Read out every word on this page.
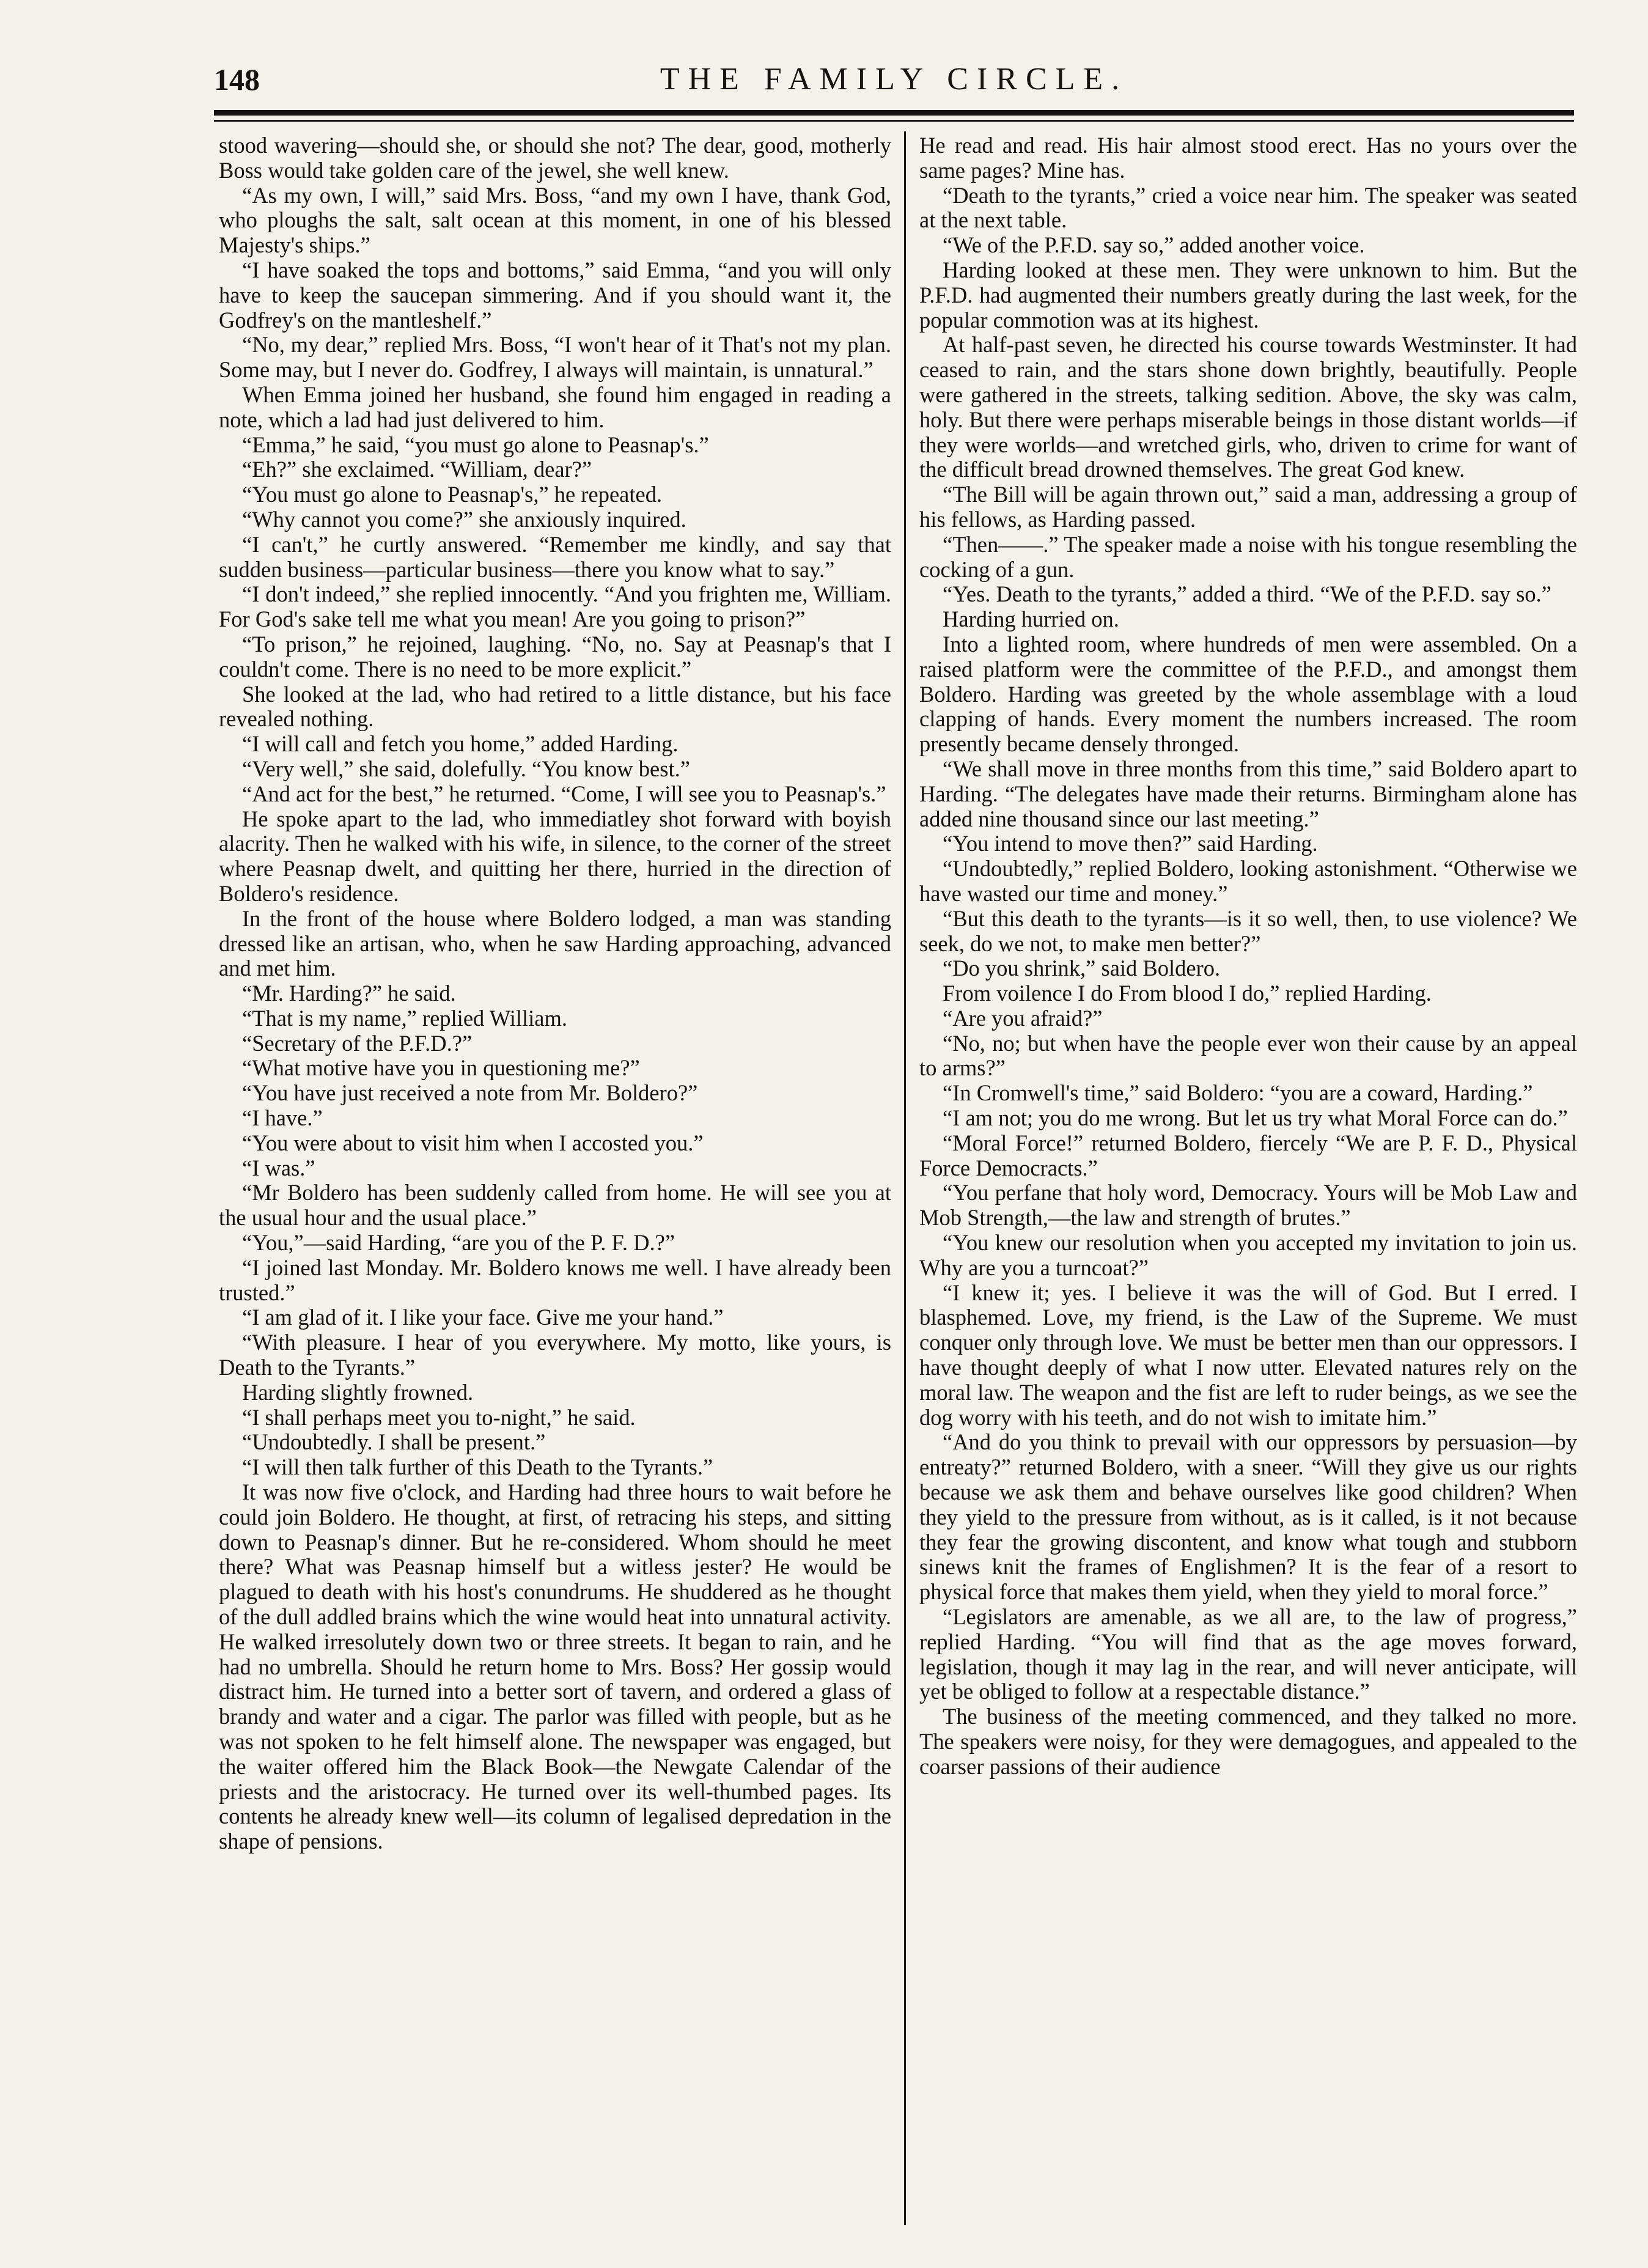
148	THE FAMILY CIRCLE.

stood wavering—should she, or should she not? The dear, good, motherly Boss would take golden care of the jewel, she well knew.

“As my own, I will,” said Mrs. Boss, “and my own I have, thank God, who ploughs the salt, salt ocean at this moment, in one of his blessed Majesty's ships.”

“I have soaked the tops and bottoms,” said Emma, “and you will only have to keep the saucepan simmering. And if you should want it, the Godfrey's on the mantleshelf.”

“No, my dear,” replied Mrs. Boss, “I won't hear of it That's not my plan. Some may, but I never do. Godfrey, I always will maintain, is unnatural.”

When Emma joined her husband, she found him engaged in reading a note, which a lad had just delivered to him.

“Emma,” he said, “you must go alone to Peasnap's.”

“Eh?” she exclaimed. “William, dear?”

“You must go alone to Peasnap's,” he repeated.

“Why cannot you come?” she anxiously inquired.

“I can't,” he curtly answered. “Remember me kindly, and say that sudden business—particular business—there you know what to say.”

“I don't indeed,” she replied innocently. “And you frighten me, William. For God's sake tell me what you mean! Are you going to prison?”

“To prison,” he rejoined, laughing. “No, no. Say at Peasnap's that I couldn't come. There is no need to be more explicit.”

She looked at the lad, who had retired to a little distance, but his face revealed nothing.

“I will call and fetch you home,” added Harding.

“Very well,” she said, dolefully. “You know best.”

“And act for the best,” he returned. “Come, I will see you to Peasnap's.”

He spoke apart to the lad, who immediatley shot forward with boyish alacrity. Then he walked with his wife, in silence, to the corner of the street where Peasnap dwelt, and quitting her there, hurried in the direction of Boldero's residence.

In the front of the house where Boldero lodged, a man was standing dressed like an artisan, who, when he saw Harding approaching, advanced and met him.

“Mr. Harding?” he said.

“That is my name,” replied William.

“Secretary of the P.F.D.?”

“What motive have you in questioning me?”

“You have just received a note from Mr. Boldero?”

“I have.”

“You were about to visit him when I accosted you.”

“I was.”

“Mr Boldero has been suddenly called from home. He will see you at the usual hour and the usual place.”

“You,”—said Harding, “are you of the P. F. D.?”

“I joined last Monday. Mr. Boldero knows me well. I have already been trusted.”

“I am glad of it. I like your face. Give me your hand.”

“With pleasure. I hear of you everywhere. My motto, like yours, is Death to the Tyrants.”

Harding slightly frowned.

“I shall perhaps meet you to-night,” he said.

“Undoubtedly. I shall be present.”

“I will then talk further of this Death to the Tyrants.”

It was now five o'clock, and Harding had three hours to wait before he could join Boldero. He thought, at first, of retracing his steps, and sitting down to Peasnap's dinner. But he re-considered. Whom should he meet there? What was Peasnap himself but a witless jester? He would be plagued to death with his host's conundrums. He shuddered as he thought of the dull addled brains which the wine would heat into unnatural activity. He walked irresolutely down two or three streets. It began to rain, and he had no umbrella. Should he return home to Mrs. Boss? Her gossip would distract him. He turned into a better sort of tavern, and ordered a glass of brandy and water and a cigar. The parlor was filled with people, but as he was not spoken to he felt himself alone. The newspaper was engaged, but the waiter offered him the Black Book—the Newgate Calendar of the priests and the aristocracy. He turned over its well-thumbed pages. Its contents he already knew well—its column of legalised depredation in the shape of pensions.

He read and read. His hair almost stood erect. Has no yours over the same pages? Mine has.

“Death to the tyrants,” cried a voice near him. The speaker was seated at the next table.

“We of the P.F.D. say so,” added another voice.

Harding looked at these men. They were unknown to him. But the P.F.D. had augmented their numbers greatly during the last week, for the popular commotion was at its highest.

At half-past seven, he directed his course towards Westminster. It had ceased to rain, and the stars shone down brightly, beautifully. People were gathered in the streets, talking sedition. Above, the sky was calm, holy. But there were perhaps miserable beings in those distant worlds—if they were worlds—and wretched girls, who, driven to crime for want of the difficult bread drowned themselves. The great God knew.

“The Bill will be again thrown out,” said a man, addressing a group of his fellows, as Harding passed.

“Then——.” The speaker made a noise with his tongue resembling the cocking of a gun.

“Yes. Death to the tyrants,” added a third. “We of the P.F.D. say so.”

Harding hurried on.

Into a lighted room, where hundreds of men were assembled. On a raised platform were the committee of the P.F.D., and amongst them Boldero. Harding was greeted by the whole assemblage with a loud clapping of hands. Every moment the numbers increased. The room presently became densely thronged.

“We shall move in three months from this time,” said Boldero apart to Harding. “The delegates have made their returns. Birmingham alone has added nine thousand since our last meeting.”

“You intend to move then?” said Harding.

“Undoubtedly,” replied Boldero, looking astonishment. “Otherwise we have wasted our time and money.”

“But this death to the tyrants—is it so well, then, to use violence? We seek, do we not, to make men better?”

“Do you shrink,” said Boldero.

From voilence I do From blood I do,” replied Harding.

“Are you afraid?”

“No, no; but when have the people ever won their cause by an appeal to arms?”

“In Cromwell's time,” said Boldero: “you are a coward, Harding.”

“I am not; you do me wrong. But let us try what Moral Force can do.”

“Moral Force!” returned Boldero, fiercely “We are P. F. D., Physical Force Democracts.”

“You perfane that holy word, Democracy. Yours will be Mob Law and Mob Strength,—the law and strength of brutes.”

“You knew our resolution when you accepted my invitation to join us. Why are you a turncoat?”

“I knew it; yes. I believe it was the will of God. But I erred. I blasphemed. Love, my friend, is the Law of the Supreme. We must conquer only through love. We must be better men than our oppressors. I have thought deeply of what I now utter. Elevated natures rely on the moral law. The weapon and the fist are left to ruder beings, as we see the dog worry with his teeth, and do not wish to imitate him.”

“And do you think to prevail with our oppressors by persuasion—by entreaty?” returned Boldero, with a sneer. “Will they give us our rights because we ask them and behave ourselves like good children? When they yield to the pressure from without, as is it called, is it not because they fear the growing discontent, and know what tough and stubborn sinews knit the frames of Englishmen? It is the fear of a resort to physical force that makes them yield, when they yield to moral force.”

“Legislators are amenable, as we all are, to the law of progress,” replied Harding. “You will find that as the age moves forward, legislation, though it may lag in the rear, and will never anticipate, will yet be obliged to follow at a respectable distance.”

The business of the meeting commenced, and they talked no more. The speakers were noisy, for they were demagogues, and appealed to the coarser passions of their audience
